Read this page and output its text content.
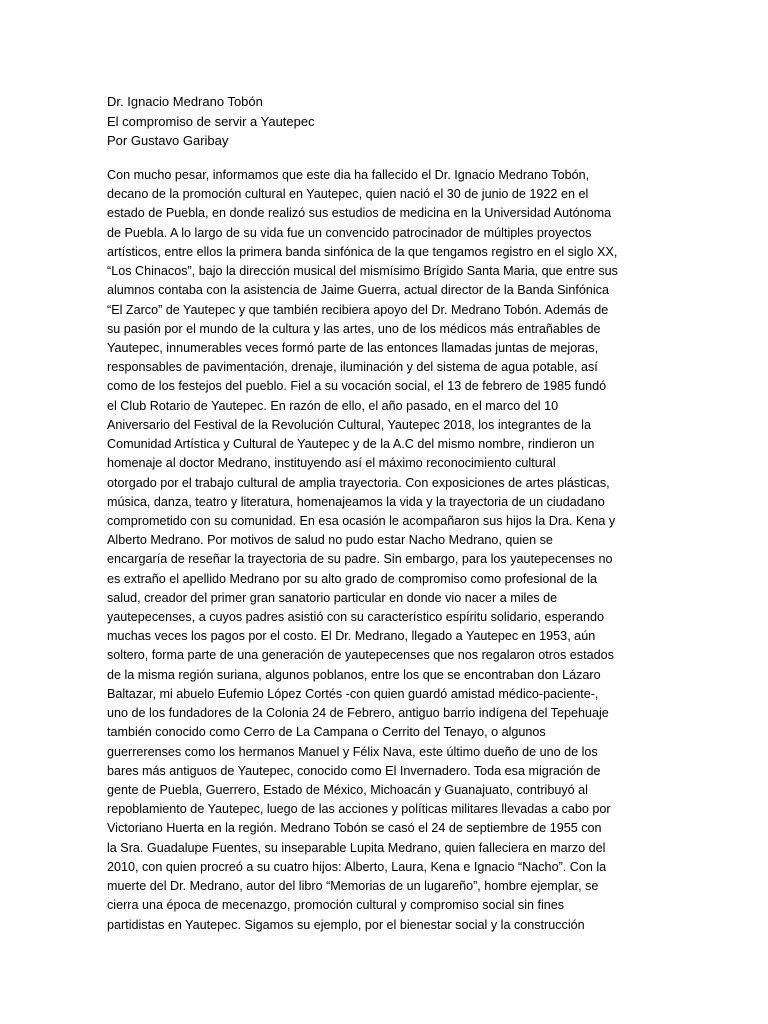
Dr. Ignacio Medrano Tobón
El compromiso de servir a Yautepec
Por Gustavo Garibay
Con mucho pesar, informamos que este dia ha fallecido el Dr. Ignacio Medrano Tobón,
decano de la promoción cultural en Yautepec, quien nació el 30 de junio de 1922 en el
estado de Puebla, en donde realizó sus estudios de medicina en la Universidad Autónoma
de Puebla. A lo largo de su vida fue un convencido patrocinador de múltiples proyectos
artísticos, entre ellos la primera banda sinfónica de la que tengamos registro en el siglo XX,
“Los Chinacos”, bajo la dirección musical del mismísimo Brígido Santa Maria, que entre sus
alumnos contaba con la asistencia de Jaime Guerra, actual director de la Banda Sinfónica
“El Zarco” de Yautepec y que también recibiera apoyo del Dr. Medrano Tobón. Además de
su pasión por el mundo de la cultura y las artes, uno de los médicos más entrañables de
Yautepec, innumerables veces formó parte de las entonces llamadas juntas de mejoras,
responsables de pavimentación, drenaje, iluminación y del sistema de agua potable, así
como de los festejos del pueblo. Fiel a su vocación social, el 13 de febrero de 1985 fundó
el Club Rotario de Yautepec. En razón de ello, el año pasado, en el marco del 10
Aniversario del Festival de la Revolución Cultural, Yautepec 2018, los integrantes de la
Comunidad Artística y Cultural de Yautepec y de la A.C del mismo nombre, rindieron un
homenaje al doctor Medrano, instituyendo así el máximo reconocimiento cultural
otorgado por el trabajo cultural de amplia trayectoria. Con exposiciones de artes plásticas,
música, danza, teatro y literatura, homenajeamos la vida y la trayectoria de un ciudadano
comprometido con su comunidad. En esa ocasión le acompañaron sus hijos la Dra. Kena y
Alberto Medrano. Por motivos de salud no pudo estar Nacho Medrano, quien se
encargaría de reseñar la trayectoria de su padre. Sin embargo, para los yautepecenses no
es extraño el apellido Medrano por su alto grado de compromiso como profesional de la
salud, creador del primer gran sanatorio particular en donde vio nacer a miles de
yautepecenses, a cuyos padres asistió con su característico espíritu solidario, esperando
muchas veces los pagos por el costo. El Dr. Medrano, llegado a Yautepec en 1953, aún
soltero, forma parte de una generación de yautepecenses que nos regalaron otros estados
de la misma región suriana, algunos poblanos, entre los que se encontraban don Lázaro
Baltazar, mi abuelo Eufemio López Cortés -con quien guardó amistad médico-paciente-,
uno de los fundadores de la Colonia 24 de Febrero, antiguo barrio indígena del Tepehuaje
también conocido como Cerro de La Campana o Cerrito del Tenayo, o algunos
guerrerenses como los hermanos Manuel y Félix Nava, este último dueño de uno de los
bares más antiguos de Yautepec, conocido como El Invernadero. Toda esa migración de
gente de Puebla, Guerrero, Estado de México, Michoacán y Guanajuato, contribuyó al
repoblamiento de Yautepec, luego de las acciones y políticas militares llevadas a cabo por
Victoriano Huerta en la región. Medrano Tobón se casó el 24 de septiembre de 1955 con
la Sra. Guadalupe Fuentes, su inseparable Lupita Medrano, quien falleciera en marzo del
2010, con quien procreó a su cuatro hijos: Alberto, Laura, Kena e Ignacio “Nacho”. Con la
muerte del Dr. Medrano, autor del libro “Memorias de un lugareño”, hombre ejemplar, se
cierra una época de mecenazgo, promoción cultural y compromiso social sin fines
partidistas en Yautepec. Sigamos su ejemplo, por el bienestar social y la construcción
